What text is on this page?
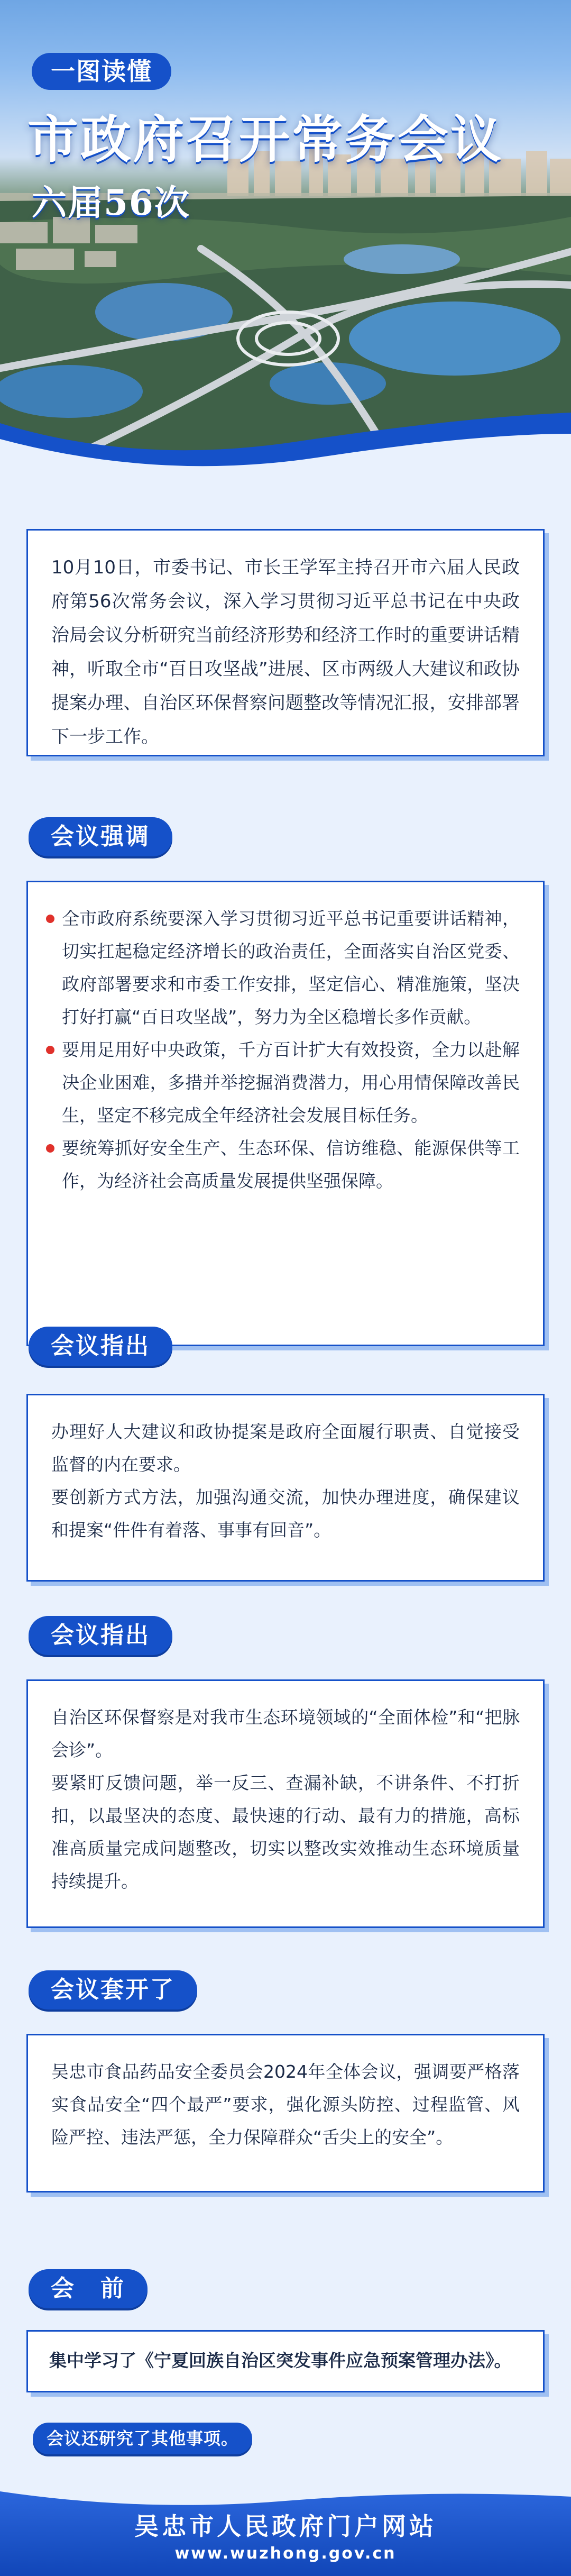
一图读懂
市政府召开常务会议
六届56次

10月10日，市委书记、市长王学军主持召开市六届人民政府第56次常务会议，深入学习贯彻习近平总书记在中央政治局会议分析研究当前经济形势和经济工作时的重要讲话精神，听取全市“百日攻坚战”进展、区市两级人大建议和政协提案办理、自治区环保督察问题整改等情况汇报，安排部署下一步工作。

会议强调

全市政府系统要深入学习贯彻习近平总书记重要讲话精神，切实扛起稳定经济增长的政治责任，全面落实自治区党委、政府部署要求和市委工作安排，坚定信心、精准施策，坚决打好打赢“百日攻坚战”，努力为全区稳增长多作贡献。

要用足用好中央政策，千方百计扩大有效投资，全力以赴解决企业困难，多措并举挖掘消费潜力，用心用情保障改善民生，坚定不移完成全年经济社会发展目标任务。

要统筹抓好安全生产、生态环保、信访维稳、能源保供等工作，为经济社会高质量发展提供坚强保障。

会议指出

办理好人大建议和政协提案是政府全面履行职责、自觉接受监督的内在要求。

要创新方式方法，加强沟通交流，加快办理进度，确保建议和提案“件件有着落、事事有回音”。

会议指出

自治区环保督察是对我市生态环境领域的“全面体检”和“把脉会诊”。

要紧盯反馈问题，举一反三、查漏补缺，不讲条件、不打折扣，以最坚决的态度、最快速的行动、最有力的措施，高标准高质量完成问题整改，切实以整改实效推动生态环境质量持续提升。

会议套开了

吴忠市食品药品安全委员会2024年全体会议，强调要严格落实食品安全“四个最严”要求，强化源头防控、过程监管、风险严控、违法严惩，全力保障群众“舌尖上的安全”。

会　前

集中学习了《宁夏回族自治区突发事件应急预案管理办法》。

会议还研究了其他事项。
吴忠市人民政府门户网站
www.wuzhong.gov.cn
